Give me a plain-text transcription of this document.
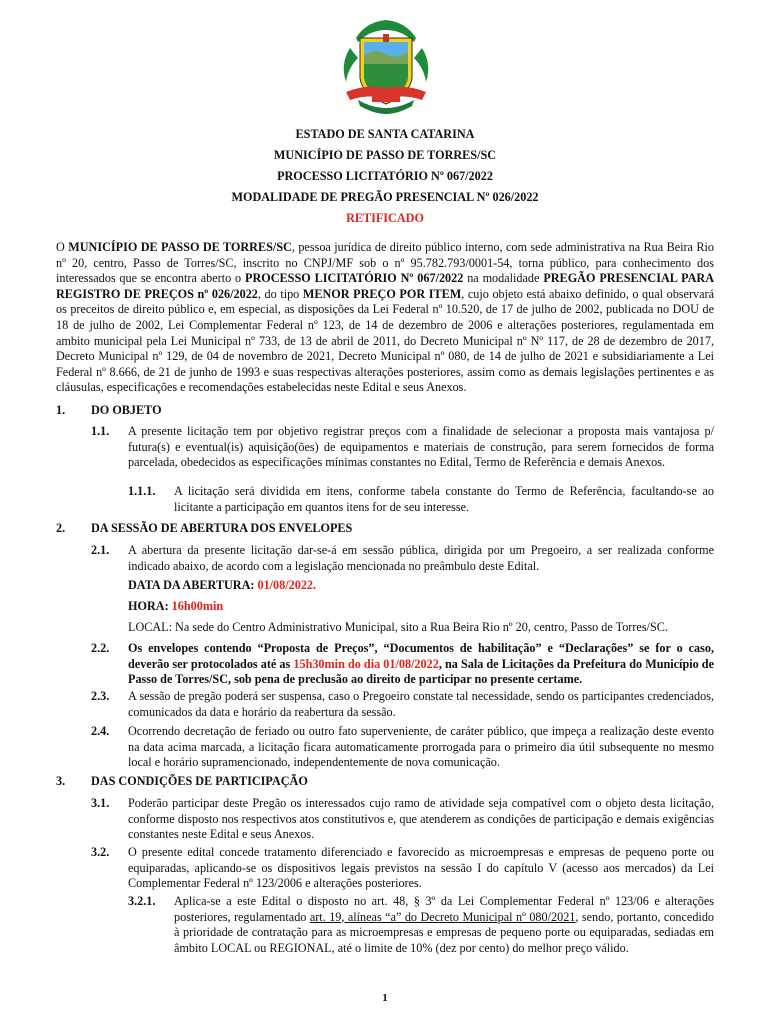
ESTADO DE SANTA CATARINA
MUNICÍPIO DE PASSO DE TORRES/SC
PROCESSO LICITATÓRIO Nº 067/2022
MODALIDADE DE PREGÃO PRESENCIAL Nº 026/2022
RETIFICADO
O MUNICÍPIO DE PASSO DE TORRES/SC, pessoa jurídica de direito público interno, com sede administrativa na Rua Beira Rio nº 20, centro, Passo de Torres/SC, inscrito no CNPJ/MF sob o nº 95.782.793/0001-54, torna público, para conhecimento dos interessados que se encontra aberto o PROCESSO LICITATÓRIO Nº 067/2022 na modalidade PREGÃO PRESENCIAL PARA REGISTRO DE PREÇOS nº 026/2022, do tipo MENOR PREÇO POR ITEM, cujo objeto está abaixo definido, o qual observará os preceitos de direito público e, em especial, as disposições da Lei Federal nº 10.520, de 17 de julho de 2002, publicada no DOU de 18 de julho de 2002, Lei Complementar Federal nº 123, de 14 de dezembro de 2006 e alterações posteriores, regulamentada em ambito municipal pela Lei Municipal nº 733, de 13 de abril de 2011, do Decreto Municipal nº Nº 117, de 28 de dezembro de 2017, Decreto Municipal nº 129, de 04 de novembro de 2021, Decreto Municipal nº 080, de 14 de julho de 2021 e subsidiariamente a Lei Federal nº 8.666, de 21 de junho de 1993 e suas respectivas alterações posteriores, assim como as demais legislações pertinentes e as cláusulas, especificações e recomendações estabelecidas neste Edital e seus Anexos.
1. DO OBJETO
1.1. A presente licitação tem por objetivo registrar preços com a finalidade de selecionar a proposta mais vantajosa p/ futura(s) e eventual(is) aquisição(ões) de equipamentos e materiais de construção, para serem fornecidos de forma parcelada, obedecidos as especificações mínimas constantes no Edital, Termo de Referência e demais Anexos.
1.1.1. A licitação será dividida em itens, conforme tabela constante do Termo de Referência, facultando-se ao licitante a participação em quantos itens for de seu interesse.
2. DA SESSÃO DE ABERTURA DOS ENVELOPES
2.1. A abertura da presente licitação dar-se-á em sessão pública, dirigida por um Pregoeiro, a ser realizada conforme indicado abaixo, de acordo com a legislação mencionada no preâmbulo deste Edital.
DATA DA ABERTURA: 01/08/2022.
HORA: 16h00min
LOCAL: Na sede do Centro Administrativo Municipal, sito a Rua Beira Rio nº 20, centro, Passo de Torres/SC.
2.2. Os envelopes contendo “Proposta de Preços”, “Documentos de habilitação” e “Declarações” se for o caso, deverão ser protocolados até as 15h30min do dia 01/08/2022, na Sala de Licitações da Prefeitura do Município de Passo de Torres/SC, sob pena de preclusão ao direito de participar no presente certame.
2.3. A sessão de pregão poderá ser suspensa, caso o Pregoeiro constate tal necessidade, sendo os participantes credenciados, comunicados da data e horário da reabertura da sessão.
2.4. Ocorrendo decretação de feriado ou outro fato superveniente, de caráter público, que impeça a realização deste evento na data acima marcada, a licitação ficara automaticamente prorrogada para o primeiro dia útil subsequente no mesmo local e horário supramencionado, independentemente de nova comunicação.
3. DAS CONDIÇÕES DE PARTICIPAÇÃO
3.1. Poderão participar deste Pregão os interessados cujo ramo de atividade seja compatível com o objeto desta licitação, conforme disposto nos respectivos atos constitutivos e, que atenderem as condições de participação e demais exigências constantes neste Edital e seus Anexos.
3.2. O presente edital concede tratamento diferenciado e favorecido as microempresas e empresas de pequeno porte ou equiparadas, aplicando-se os dispositivos legais previstos na sessão I do capítulo V (acesso aos mercados) da Lei Complementar Federal nº 123/2006 e alterações posteriores.
3.2.1. Aplica-se a este Edital o disposto no art. 48, § 3º da Lei Complementar Federal nº 123/06 e alterações posteriores, regulamentado art. 19, alíneas “a” do Decreto Municipal nº 080/2021, sendo, portanto, concedido à prioridade de contratação para as microempresas e empresas de pequeno porte ou equiparadas, sediadas em âmbito LOCAL ou REGIONAL, até o limite de 10% (dez por cento) do melhor preço válido.
1
